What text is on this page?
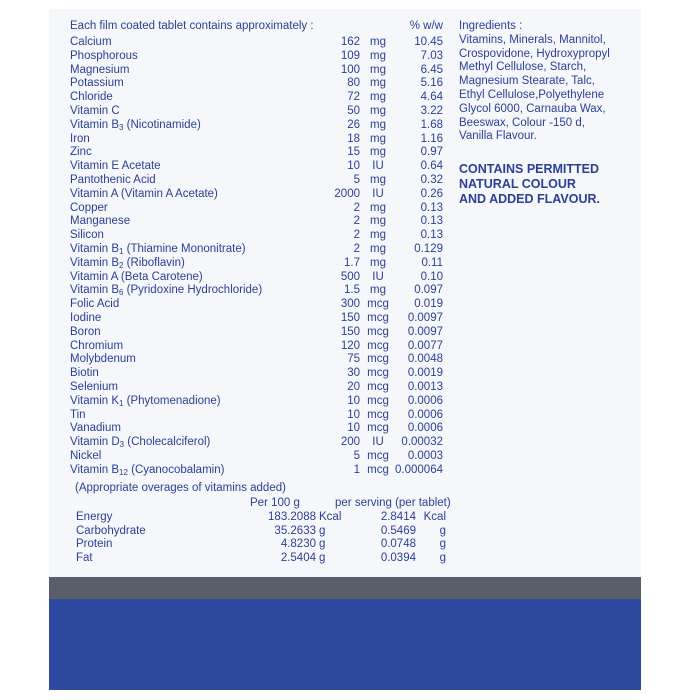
Each film coated tablet contains approximately :	% w/w
Calcium	162 mg	10.45
Phosphorous	109 mg	7.03
Magnesium	100 mg	6.45
Potassium	80 mg	5.16
Chloride	72 mg	4.64
Vitamin C	50 mg	3.22
Vitamin $B_3$ (Nicotinamide)	26 mg	1.68
Iron	18 mg	1.16
Zinc	15 mg	0.97
Vitamin E Acetate	10	IU	0.64
Pantothenic Acid	5 mg	0.32
Vitamin A (Vitamin A Acetate)	2000	IU	0.26
Copper	2 mg	0.13
Manganese	2 mg	0.13
Silicon	2 mg	0.13
Vitamin $B_1$ (Thiamine Mononitrate)	2 mg	0.129
Vitamin $B_2$ (Riboflavin)	1.7 mg	0.11
Vitamin A (Beta Carotene)	500	IU	0.10
Vitamin $B_6$ (Pyridoxine Hydrochloride)	1.5 mg	0.097
Folic Acid	300 mcg	0.019
Iodine	150 mcg	0.0097
Boron	150 mcg	0.0097
Chromium	120 mcg	0.0077
Molybdenum	75 mcg	0.0048
Biotin	30 mcg	0.0019
Selenium	20 mcg	0.0013
Vitamin $K_1$ (Phytomenadione)	10 mcg	0.0006
Tin	10 mcg	0.0006
Vanadium	10 mcg	0.0006
Vitamin $D_3$ (Cholecalciferol)	200	IU	0.00032
Nickel	5 mcg	0.0003
Vitamin $B_{12}$ (Cyanocobalamin)	1 mcg 0.000064
(Appropriate overages of vitamins added)
Per 100 g	per serving (per tablet)
Energy	183.2088 Kcal	2.8414 Kcal
Carbohydrate	35.2633 g	0.5469	g
Protein	4.8230 g	0.0748	g
Fat	2.5404 g	0.0394	g
Ingredients :
Vitamins, Minerals, Mannitol,
Crospovidone, Hydroxypropyl
Methyl Cellulose, Starch,
Magnesium Stearate, Talc,
Ethyl Cellulose,Polyethylene
Glycol 6000, Carnauba Wax,
Beeswax, Colour -150 d,
Vanilla Flavour.
CONTAINS PERMITTED
NATURAL COLOUR
AND ADDED FLAVOUR.
